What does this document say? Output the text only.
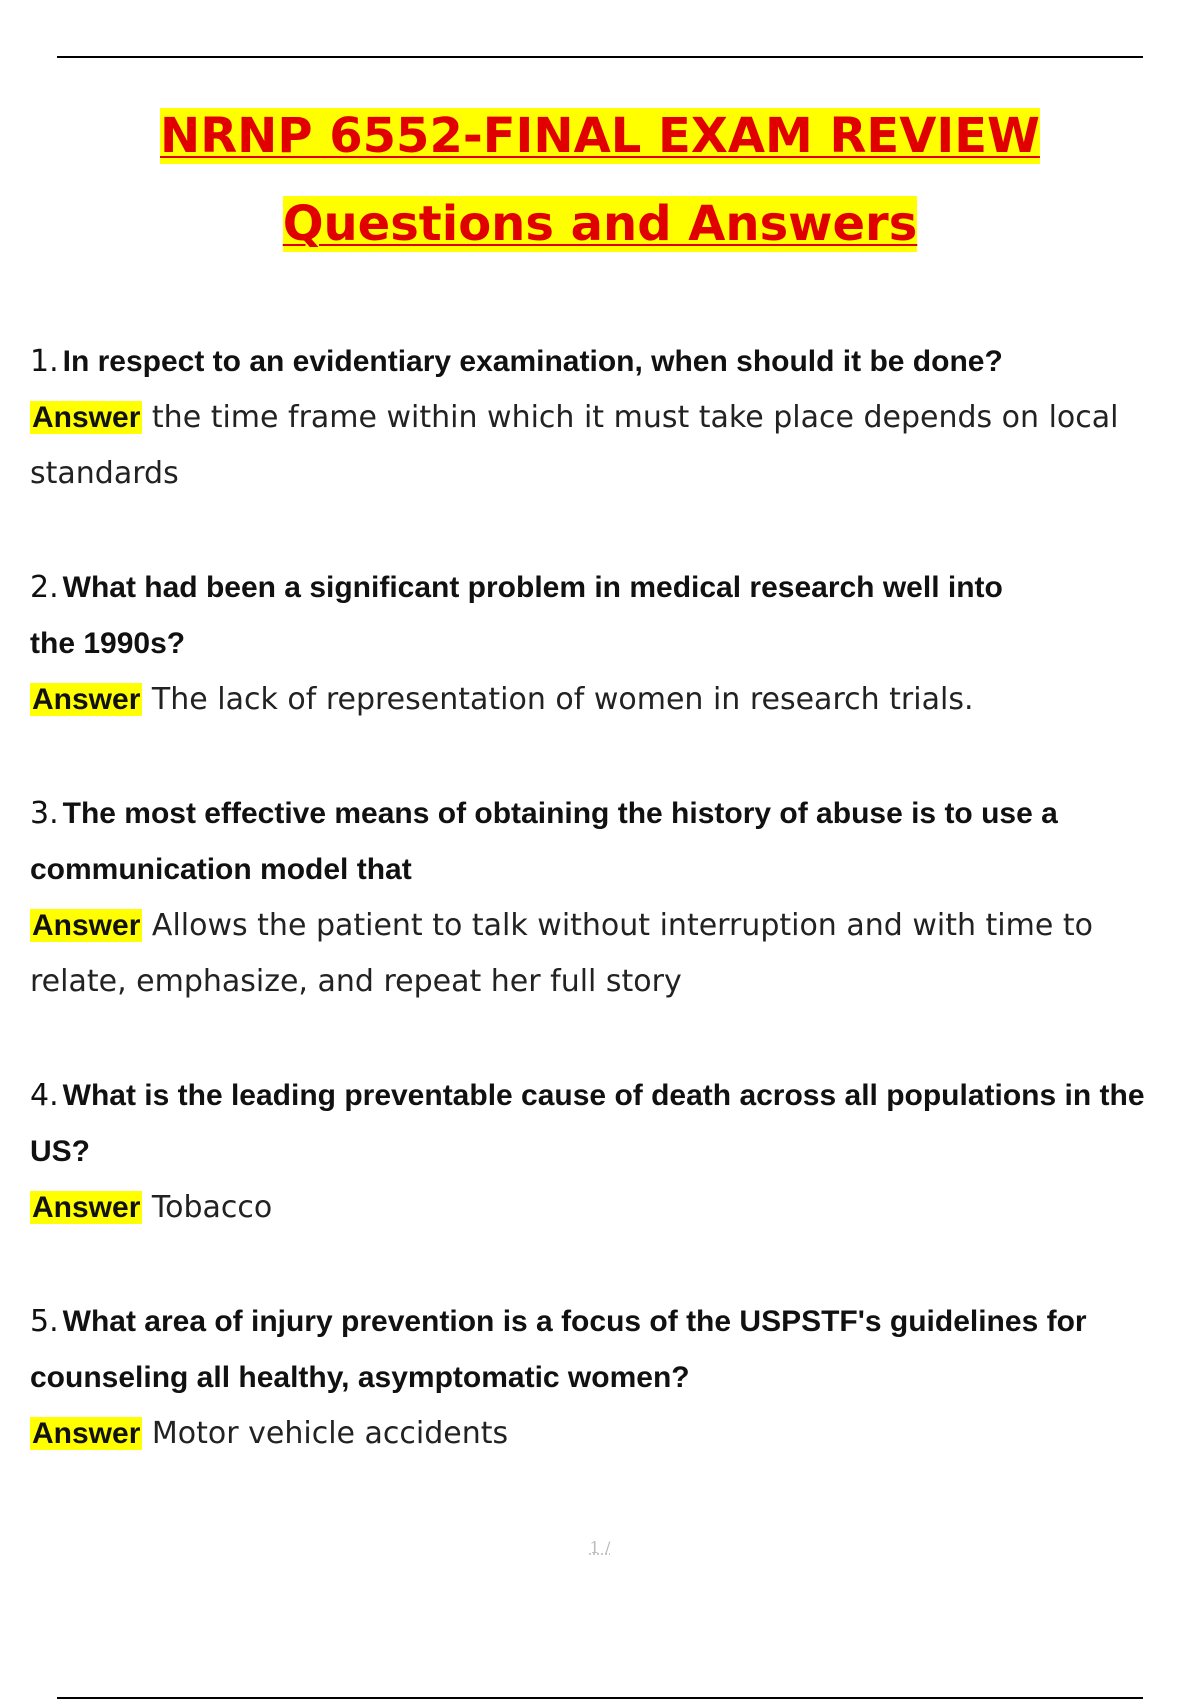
NRNP 6552-FINAL EXAM REVIEW
Questions and Answers

1. In respect to an evidentiary examination, when should it be done?

Answer the time frame within which it must take place depends on local standards

2. What had been a significant problem in medical research well into the 1990s?

Answer The lack of representation of women in research trials.

3. The most effective means of obtaining the history of abuse is to use a communication model that

Answer Allows the patient to talk without interruption and with time to relate, emphasize, and repeat her full story

4. What is the leading preventable cause of death across all populations in the US?

Answer Tobacco

5. What area of injury prevention is a focus of the USPSTF's guidelines for counseling all healthy, asymptomatic women?

Answer Motor vehicle accidents

1 /
